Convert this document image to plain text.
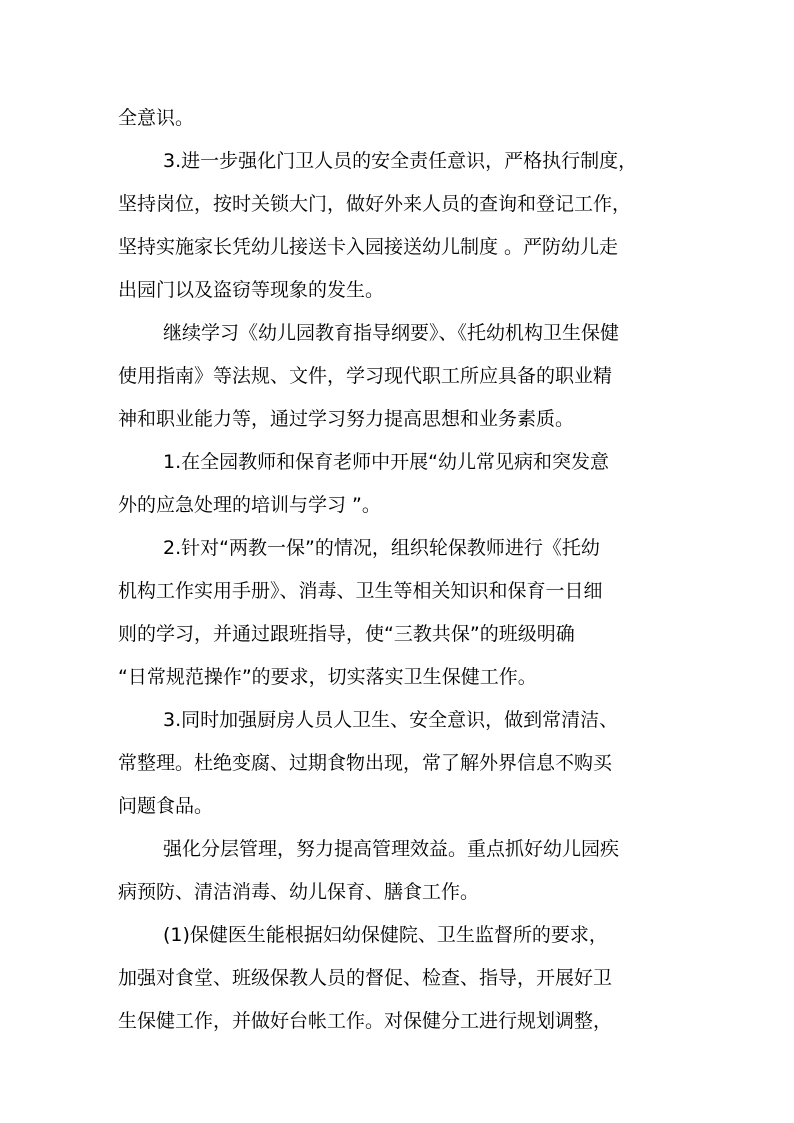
全意识。
3.进一步强化门卫人员的安全责任意识，严格执行制度，
坚持岗位，按时关锁大门，做好外来人员的查询和登记工作，
坚持实施家长凭幼儿接送卡入园接送幼儿制度 。严防幼儿走
出园门以及盗窃等现象的发生。
继续学习《幼儿园教育指导纲要》、《托幼机构卫生保健
使用指南》等法规、文件，学习现代职工所应具备的职业精
神和职业能力等，通过学习努力提高思想和业务素质。
1.在全园教师和保育老师中开展“幼儿常见病和突发意
外的应急处理的培训与学习 ”。
2.针对“两教一保”的情况，组织轮保教师进行《托幼
机构工作实用手册》、消毒、卫生等相关知识和保育一日细
则的学习，并通过跟班指导，使“三教共保”的班级明确
“日常规范操作”的要求，切实落实卫生保健工作。
3.同时加强厨房人员人卫生、安全意识，做到常清洁、
常整理。杜绝变腐、过期食物出现，常了解外界信息不购买
问题食品。
强化分层管理，努力提高管理效益。重点抓好幼儿园疾
病预防、清洁消毒、幼儿保育、膳食工作。
(1)保健医生能根据妇幼保健院、卫生监督所的要求，
加强对食堂、班级保教人员的督促、检查、指导，开展好卫
生保健工作，并做好台帐工作。对保健分工进行规划调整，
